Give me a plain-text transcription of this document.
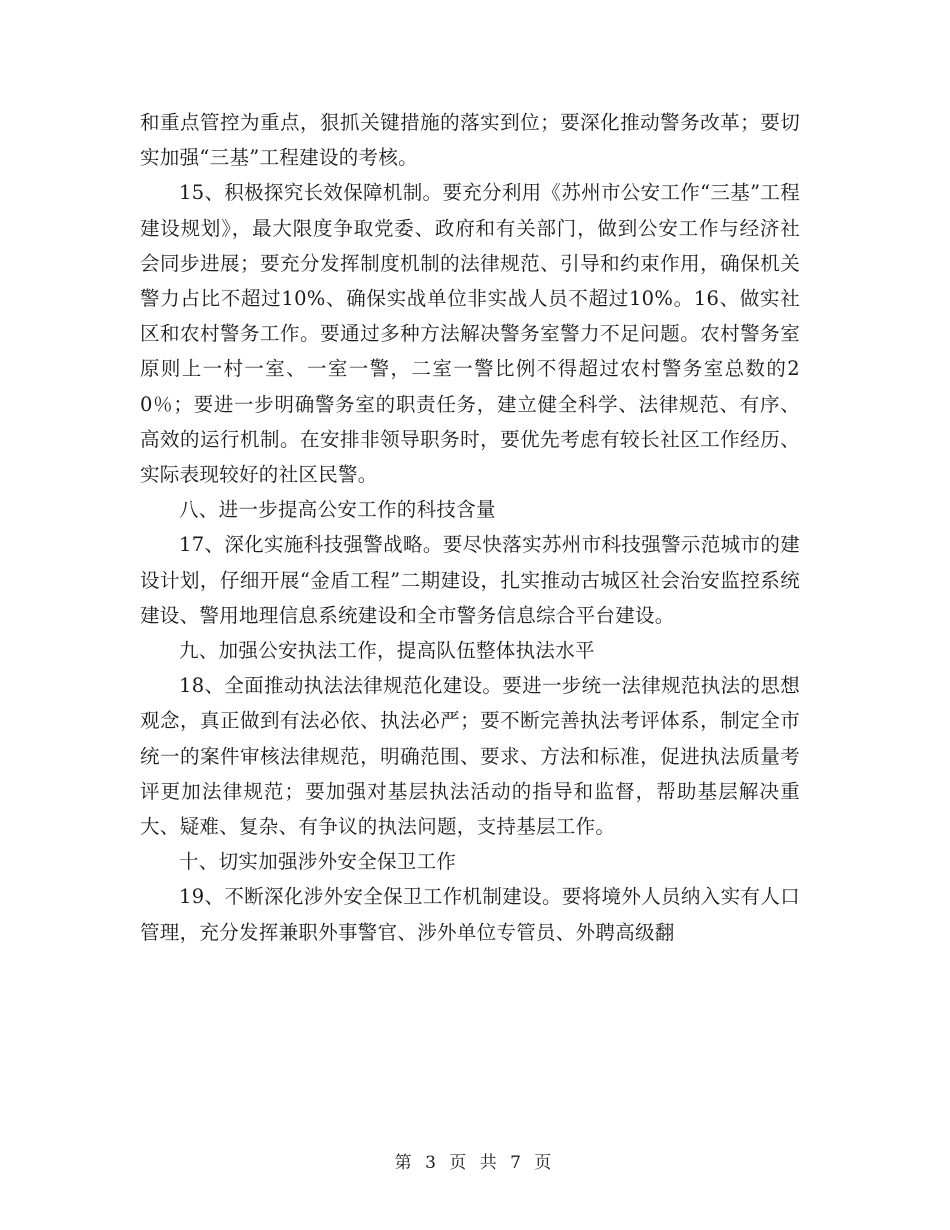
和重点管控为重点，狠抓关键措施的落实到位；要深化推动警务改革；要切实加强“三基”工程建设的考核。

15、积极探究长效保障机制。要充分利用《苏州市公安工作“三基”工程建设规划》，最大限度争取党委、政府和有关部门，做到公安工作与经济社会同步进展；要充分发挥制度机制的法律规范、引导和约束作用，确保机关警力占比不超过10%、确保实战单位非实战人员不超过10%。16、做实社区和农村警务工作。要通过多种方法解决警务室警力不足问题。农村警务室原则上一村一室、一室一警，二室一警比例不得超过农村警务室总数的20％；要进一步明确警务室的职责任务，建立健全科学、法律规范、有序、高效的运行机制。在安排非领导职务时，要优先考虑有较长社区工作经历、实际表现较好的社区民警。

八、进一步提高公安工作的科技含量

17、深化实施科技强警战略。要尽快落实苏州市科技强警示范城市的建设计划，仔细开展“金盾工程”二期建设，扎实推动古城区社会治安监控系统建设、警用地理信息系统建设和全市警务信息综合平台建设。

九、加强公安执法工作，提高队伍整体执法水平

18、全面推动执法法律规范化建设。要进一步统一法律规范执法的思想观念，真正做到有法必依、执法必严；要不断完善执法考评体系，制定全市统一的案件审核法律规范，明确范围、要求、方法和标准，促进执法质量考评更加法律规范；要加强对基层执法活动的指导和监督，帮助基层解决重大、疑难、复杂、有争议的执法问题，支持基层工作。

十、切实加强涉外安全保卫工作

19、不断深化涉外安全保卫工作机制建设。要将境外人员纳入实有人口管理，充分发挥兼职外事警官、涉外单位专管员、外聘高级翻

第 3 页 共 7 页
